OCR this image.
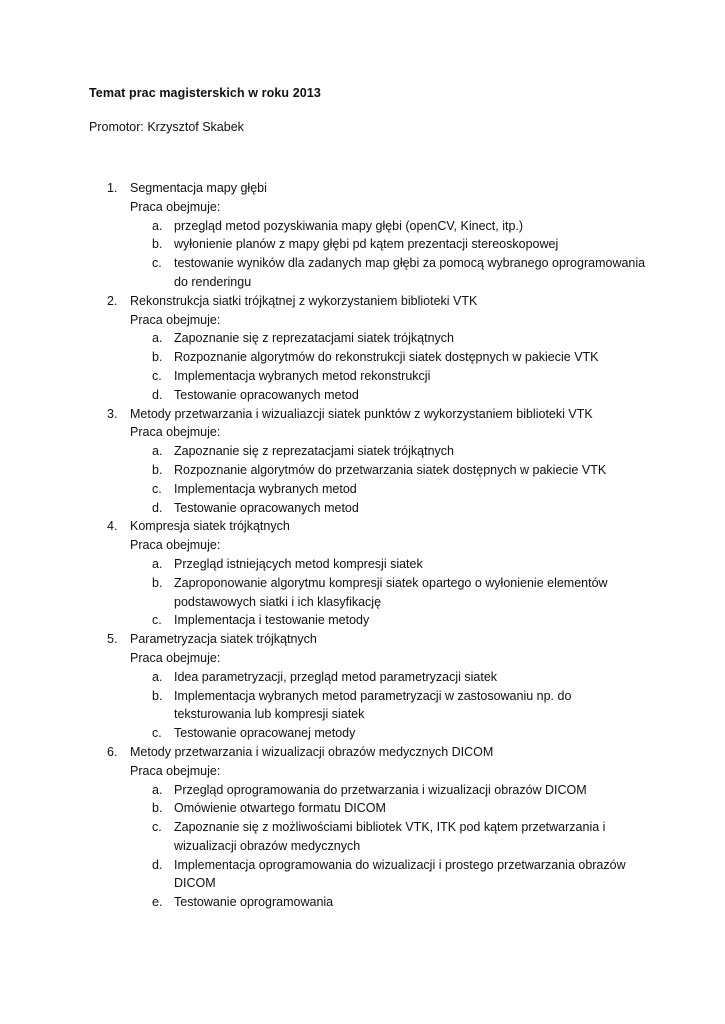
Temat prac magisterskich w roku 2013
Promotor: Krzysztof Skabek
1. Segmentacja mapy głębi
Praca obejmuje:
a. przegląd metod pozyskiwania mapy głębi (openCV, Kinect, itp.)
b. wyłonienie planów z mapy głębi pd kątem prezentacji stereoskopowej
c. testowanie wyników dla zadanych map głębi za pomocą wybranego oprogramowania do renderingu
2. Rekonstrukcja siatki trójkątnej z wykorzystaniem biblioteki VTK
Praca obejmuje:
a. Zapoznanie się z reprezatacjami siatek trójkątnych
b. Rozpoznanie algorytmów do rekonstrukcji siatek dostępnych w pakiecie VTK
c. Implementacja wybranych metod rekonstrukcji
d. Testowanie opracowanych metod
3. Metody przetwarzania i wizualiazcji siatek punktów z wykorzystaniem biblioteki VTK
Praca obejmuje:
a. Zapoznanie się z reprezatacjami siatek trójkątnych
b. Rozpoznanie algorytmów do przetwarzania siatek dostępnych w pakiecie VTK
c. Implementacja wybranych metod
d. Testowanie opracowanych metod
4. Kompresja siatek trójkątnych
Praca obejmuje:
a. Przegląd istniejących metod kompresji siatek
b. Zaproponowanie algorytmu kompresji siatek opartego o wyłonienie elementów podstawowych siatki i ich klasyfikację
c. Implementacja i testowanie metody
5. Parametryzacja siatek trójkątnych
Praca obejmuje:
a. Idea parametryzacji, przegląd metod parametryzacji siatek
b. Implementacja wybranych metod parametryzacji w zastosowaniu np. do teksturowania lub kompresji siatek
c. Testowanie opracowanej metody
6. Metody przetwarzania i wizualizacji obrazów medycznych DICOM
Praca obejmuje:
a. Przegląd oprogramowania do przetwarzania i wizualizacji obrazów DICOM
b. Omówienie otwartego formatu DICOM
c. Zapoznanie się z możliwościami bibliotek VTK, ITK pod kątem przetwarzania i wizualizacji obrazów medycznych
d. Implementacja oprogramowania do wizualizacji i prostego przetwarzania obrazów DICOM
e. Testowanie oprogramowania
